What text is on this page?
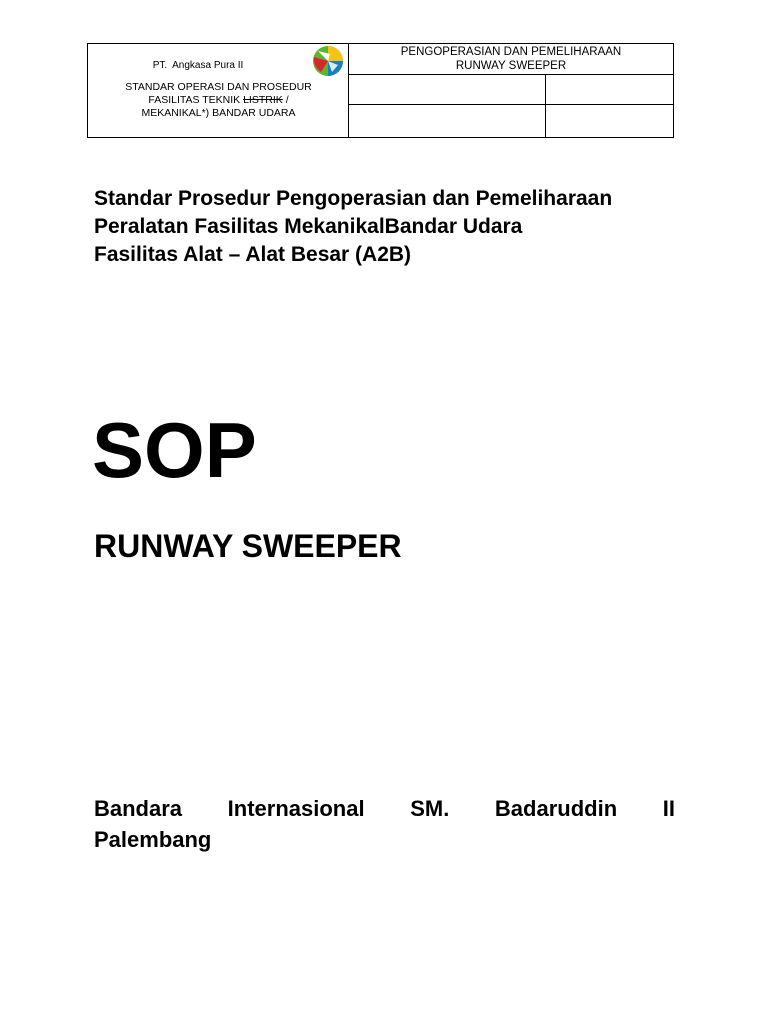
PT.  Angkasa Pura II
STANDAR OPERASI DAN PROSEDUR
FASILITAS TEKNIK LISTRIK /
MEKANIKAL*) BANDAR UDARA
PENGOPERASIAN DAN PEMELIHARAAN
RUNWAY SWEEPER
Standar Prosedur Pengoperasian dan Pemeliharaan
Peralatan Fasilitas MekanikalBandar Udara
Fasilitas Alat – Alat Besar (A2B)
SOP
RUNWAY SWEEPER
Bandara Internasional SM. Badaruddin II
Palembang
